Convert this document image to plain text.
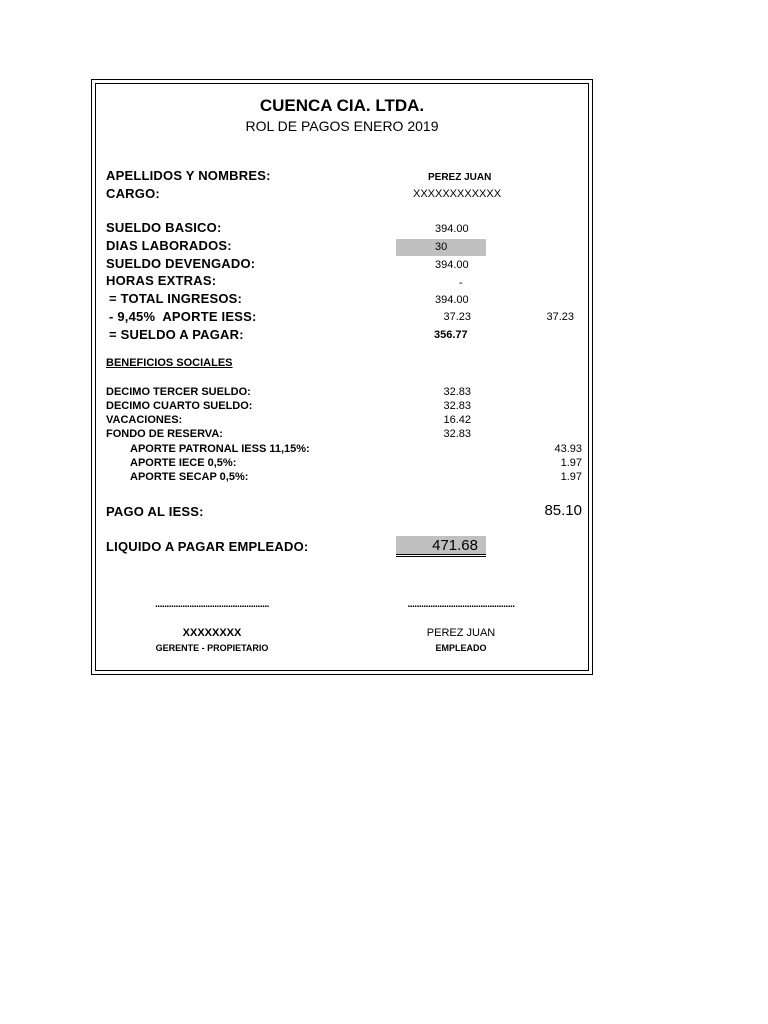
CUENCA CIA. LTDA.
ROL DE PAGOS ENERO 2019
APELLIDOS Y NOMBRES:	PEREZ JUAN
CARGO:	XXXXXXXXXXXX
SUELDO BASICO:	394.00
DIAS LABORADOS:	30
SUELDO DEVENGADO:	394.00
HORAS EXTRAS:	-
= TOTAL INGRESOS:	394.00
- 9,45%  APORTE IESS:	37.23	37.23
= SUELDO A PAGAR:	356.77
BENEFICIOS SOCIALES
DECIMO TERCER SUELDO:	32.83
DECIMO CUARTO SUELDO:	32.83
VACACIONES:	16.42
FONDO DE RESERVA:	32.83
APORTE PATRONAL IESS 11,15%:	43.93
APORTE IECE 0,5%:	1.97
APORTE SECAP 0,5%:	1.97
PAGO AL IESS:	85.10
LIQUIDO A PAGAR EMPLEADO:	471.68
..................................................
XXXXXXXX
GERENTE - PROPIETARIO
...............................................
PEREZ JUAN
EMPLEADO
